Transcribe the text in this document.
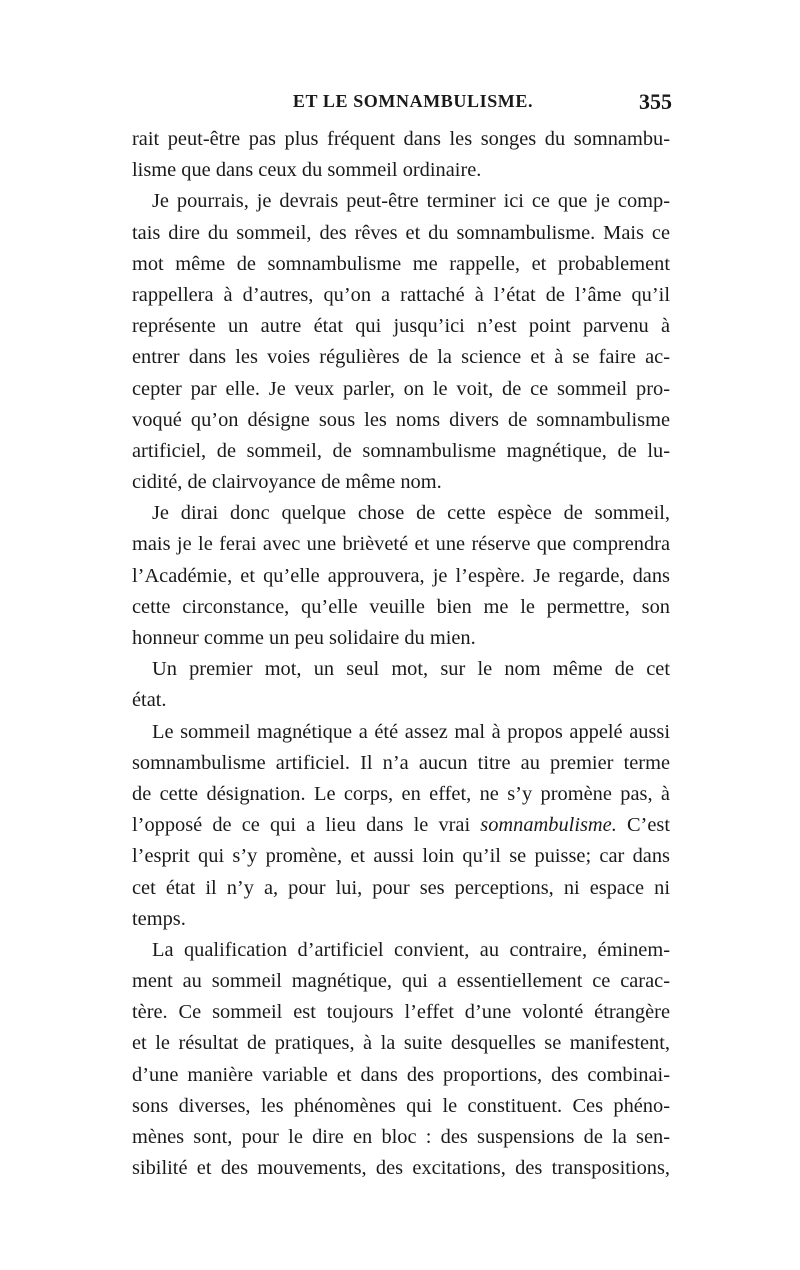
ET LE SOMNAMBULISME.	355
rait peut-être pas plus fréquent dans les songes du somnambu-
lisme que dans ceux du sommeil ordinaire.
Je pourrais, je devrais peut-être terminer ici ce que je comp-
tais dire du sommeil, des rêves et du somnambulisme. Mais ce
mot même de somnambulisme me rappelle, et probablement
rappellera à d’autres, qu’on a rattaché à l’état de l’âme qu’il
représente un autre état qui jusqu’ici n’est point parvenu à
entrer dans les voies régulières de la science et à se faire ac-
cepter par elle. Je veux parler, on le voit, de ce sommeil pro-
voqué qu’on désigne sous les noms divers de somnambulisme
artificiel, de sommeil, de somnambulisme magnétique, de lu-
cidité, de clairvoyance de même nom.
Je dirai donc quelque chose de cette espèce de sommeil,
mais je le ferai avec une brièveté et une réserve que comprendra
l’Académie, et qu’elle approuvera, je l’espère. Je regarde, dans
cette circonstance, qu’elle veuille bien me le permettre, son
honneur comme un peu solidaire du mien.
Un premier mot, un seul mot, sur le nom même de cet
état.
Le sommeil magnétique a été assez mal à propos appelé aussi
somnambulisme artificiel. Il n’a aucun titre au premier terme
de cette désignation. Le corps, en effet, ne s’y promène pas, à
l’opposé de ce qui a lieu dans le vrai somnambulisme. C’est
l’esprit qui s’y promène, et aussi loin qu’il se puisse; car dans
cet état il n’y a, pour lui, pour ses perceptions, ni espace ni
temps.
La qualification d’artificiel convient, au contraire, éminem-
ment au sommeil magnétique, qui a essentiellement ce carac-
tère. Ce sommeil est toujours l’effet d’une volonté étrangère
et le résultat de pratiques, à la suite desquelles se manifestent,
d’une manière variable et dans des proportions, des combinai-
sons diverses, les phénomènes qui le constituent. Ces phéno-
mènes sont, pour le dire en bloc : des suspensions de la sen-
sibilité et des mouvements, des excitations, des transpositions,
